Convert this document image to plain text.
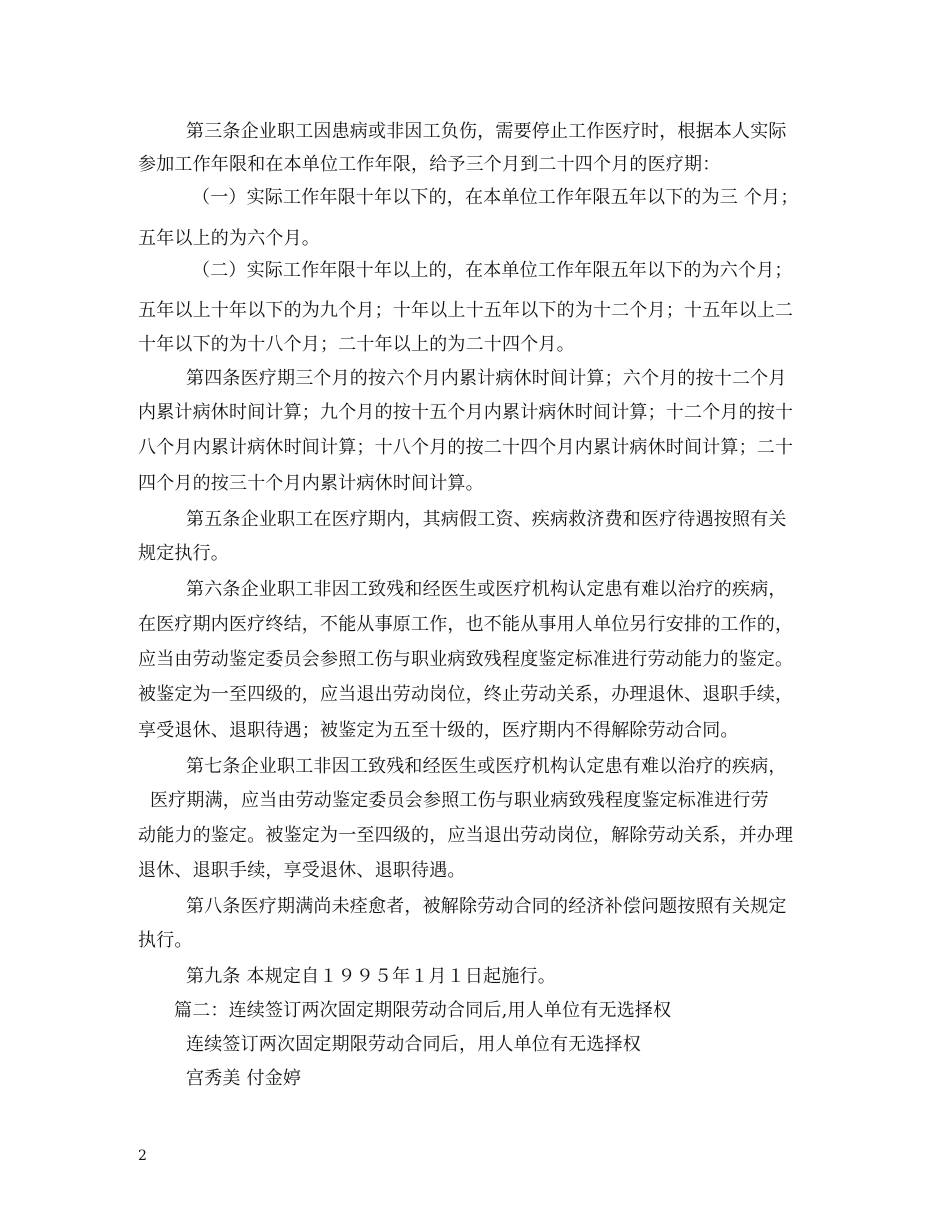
第三条企业职工因患病或非因工负伤，需要停止工作医疗时，根据本人实际
参加工作年限和在本单位工作年限，给予三个月到二十四个月的医疗期：
（一）实际工作年限十年以下的，在本单位工作年限五年以下的为三 个月；
五年以上的为六个月。
（二）实际工作年限十年以上的，在本单位工作年限五年以下的为六个月；
五年以上十年以下的为九个月；十年以上十五年以下的为十二个月；十五年以上二
十年以下的为十八个月；二十年以上的为二十四个月。
第四条医疗期三个月的按六个月内累计病休时间计算；六个月的按十二个月
内累计病休时间计算；九个月的按十五个月内累计病休时间计算；十二个月的按十
八个月内累计病休时间计算；十八个月的按二十四个月内累计病休时间计算；二十
四个月的按三十个月内累计病休时间计算。
第五条企业职工在医疗期内，其病假工资、疾病救济费和医疗待遇按照有关
规定执行。
第六条企业职工非因工致残和经医生或医疗机构认定患有难以治疗的疾病，
在医疗期内医疗终结，不能从事原工作，也不能从事用人单位另行安排的工作的，
应当由劳动鉴定委员会参照工伤与职业病致残程度鉴定标准进行劳动能力的鉴定。
被鉴定为一至四级的，应当退出劳动岗位，终止劳动关系，办理退休、退职手续，
享受退休、退职待遇；被鉴定为五至十级的，医疗期内不得解除劳动合同。
第七条企业职工非因工致残和经医生或医疗机构认定患有难以治疗的疾病，
医疗期满，应当由劳动鉴定委员会参照工伤与职业病致残程度鉴定标准进行劳
动能力的鉴定。被鉴定为一至四级的，应当退出劳动岗位，解除劳动关系，并办理
退休、退职手续，享受退休、退职待遇。
第八条医疗期满尚未痊愈者，被解除劳动合同的经济补偿问题按照有关规定
执行。
第九条 本规定自１９９５年１月１日起施行。
篇二：连续签订两次固定期限劳动合同后,用人单位有无选择权
连续签订两次固定期限劳动合同后，用人单位有无选择权
宫秀美 付金婷
2
